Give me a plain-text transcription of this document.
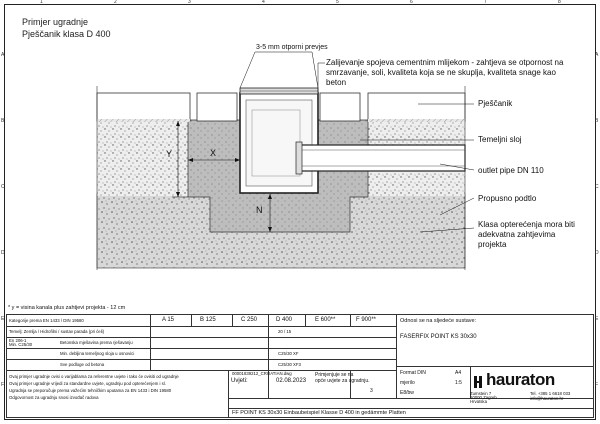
A
B
C
D
E
F
A
B
C
D
E
F
1	2	3	4	5	6	7	8
Primjer ugradnje
Pješčanik klasa D 400
3-5 mm otporni prevjes
Zalijevanje spojeva cementnim mlijekom - zahtjeva se otpornost na
smrzavanje, soli, kvaliteta koja se ne skuplja, kvaliteta snage kao
beton
Pješčanik
Temeljni sloj
outlet pipe DN 110
Propusno podtlo
Klasa opterećenja mora biti
adekvatna zahtjevima
projekta
X
Y
N
* y = visina kanala plus zahtjevi projekta - 12 cm
Kategorije prema EN 1433 / DIN 19580	A 15	B 125	C 250	D 400	E 600**	F 900**
Temelj: Zemlja / Hidrofilni / sustav parada (pri ćeli)	20 / 15
En 206-1
Min. C25/30	Betonska mješavina prema rješavanju
Min. debljina temeljnog sloja u osnovici	C25/30 XF
Sve podloge od betona	C25/30 XF3
Ovaj primjer ugradnje ovisi o varijablama za referentne uvjete i tako će ovisiti od ugradnje
Ovaj primjer ugradnje vrijedi za standardne uvjete, ugradnju pod opterećenjem i sl.
Ugradnja se preporučuje prema važećim tehničkim uputama za EN 1433 i DIN 19580
Odgovornost za ugradnju snosi izvođač radova
Odnosi se na sljedeće sustave:
FASERFIX POINT KS 30x30
Uvjeti:	02.08.2023
00001839212_CROATIAN.dwg	Primjenjuje se na
opće uvjete za ugradnju.
3
Format DIN	A4
mjerilo	1:5
E8/bw
hauraton
Zumstein 7
10000 Zagreb
Hrvatska
Tel. +385 1 6618 033
info@hauraton.hr
FF POINT KS 30x30 Einbaubeispiel Klasse D 400 in gedämmte Platten
